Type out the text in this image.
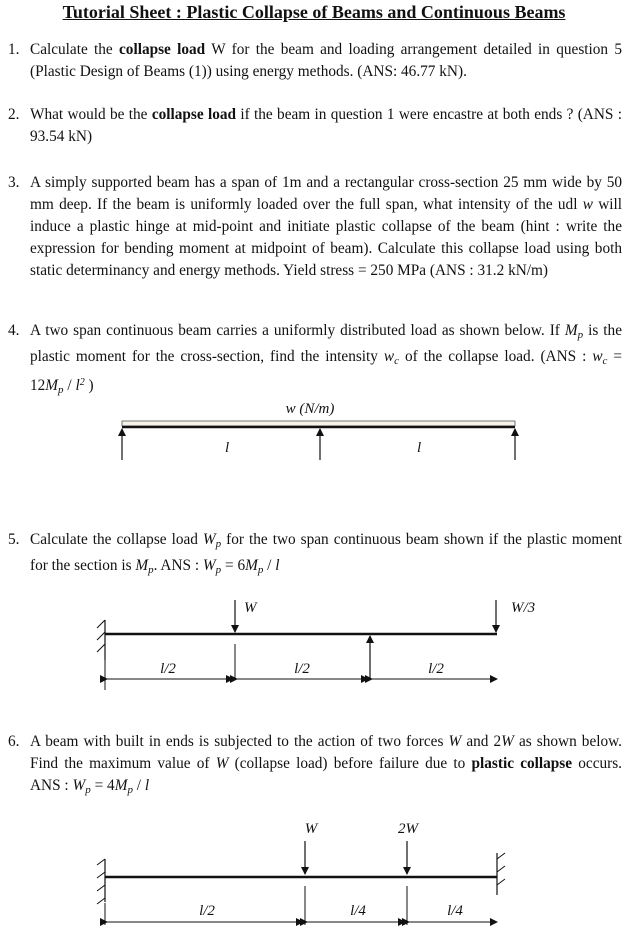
Tutorial Sheet : Plastic Collapse of Beams and Continuous Beams
1. Calculate the collapse load W for the beam and loading arrangement detailed in question 5 (Plastic Design of Beams (1)) using energy methods. (ANS: 46.77 kN).
2. What would be the collapse load if the beam in question 1 were encastre at both ends ? (ANS : 93.54 kN)
3. A simply supported beam has a span of 1m and a rectangular cross-section 25 mm wide by 50 mm deep. If the beam is uniformly loaded over the full span, what intensity of the udl w will induce a plastic hinge at mid-point and initiate plastic collapse of the beam (hint : write the expression for bending moment at midpoint of beam). Calculate this collapse load using both static determinancy and energy methods. Yield stress = 250 MPa (ANS : 31.2 kN/m)
4. A two span continuous beam carries a uniformly distributed load as shown below. If $M_p$ is the plastic moment for the cross-section, find the intensity $w_c$ of the collapse load. (ANS : $w_c = 12M_p / l^2$ )
5. Calculate the collapse load $W_p$ for the two span continuous beam shown if the plastic moment for the section is $M_p$. ANS : $W_p = 6M_p / l$
6. A beam with built in ends is subjected to the action of two forces W and 2W as shown below. Find the maximum value of W (collapse load) before failure due to plastic collapse occurs. ANS : $W_p = 4M_p / l$
w (N/m)
l	l
W	W/3
l/2	l/2	l/2
W	2W
l/2	l/4	l/4
